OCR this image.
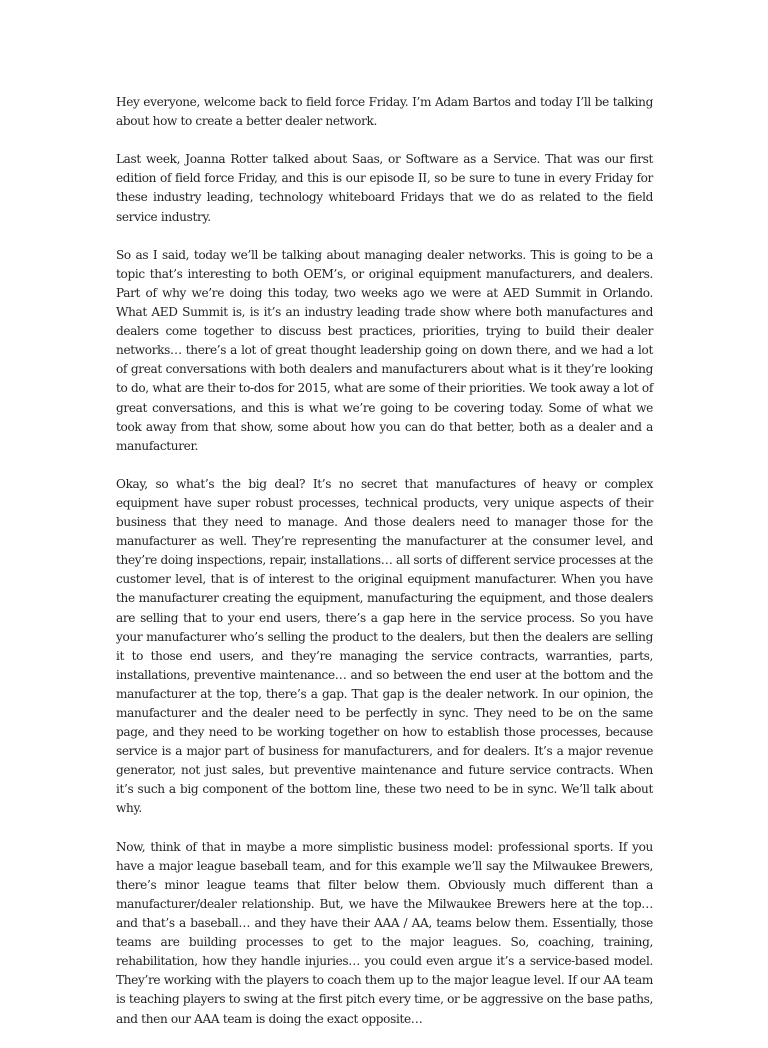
Hey everyone, welcome back to field force Friday. I’m Adam Bartos and today I’ll be talking about how to create a better dealer network.

Last week, Joanna Rotter talked about Saas, or Software as a Service. That was our first edition of field force Friday, and this is our episode II, so be sure to tune in every Friday for these industry leading, technology whiteboard Fridays that we do as related to the field service industry.

So as I said, today we’ll be talking about managing dealer networks. This is going to be a topic that’s interesting to both OEM’s, or original equipment manufacturers, and dealers. Part of why we’re doing this today, two weeks ago we were at AED Summit in Orlando. What AED Summit is, is it’s an industry leading trade show where both manufactures and dealers come together to discuss best practices, priorities, trying to build their dealer networks… there’s a lot of great thought leadership going on down there, and we had a lot of great conversations with both dealers and manufacturers about what is it they’re looking to do, what are their to-dos for 2015, what are some of their priorities. We took away a lot of great conversations, and this is what we’re going to be covering today. Some of what we took away from that show, some about how you can do that better, both as a dealer and a manufacturer.

Okay, so what’s the big deal? It’s no secret that manufactures of heavy or complex equipment have super robust processes, technical products, very unique aspects of their business that they need to manage. And those dealers need to manager those for the manufacturer as well. They’re representing the manufacturer at the consumer level, and they’re doing inspections, repair, installations… all sorts of different service processes at the customer level, that is of interest to the original equipment manufacturer. When you have the manufacturer creating the equipment, manufacturing the equipment, and those dealers are selling that to your end users, there’s a gap here in the service process. So you have your manufacturer who’s selling the product to the dealers, but then the dealers are selling it to those end users, and they’re managing the service contracts, warranties, parts, installations, preventive maintenance… and so between the end user at the bottom and the manufacturer at the top, there’s a gap. That gap is the dealer network. In our opinion, the manufacturer and the dealer need to be perfectly in sync. They need to be on the same page, and they need to be working together on how to establish those processes, because service is a major part of business for manufacturers, and for dealers. It’s a major revenue generator, not just sales, but preventive maintenance and future service contracts. When it’s such a big component of the bottom line, these two need to be in sync. We’ll talk about why.

Now, think of that in maybe a more simplistic business model: professional sports. If you have a major league baseball team, and for this example we’ll say the Milwaukee Brewers, there’s minor league teams that filter below them. Obviously much different than a manufacturer/dealer relationship. But, we have the Milwaukee Brewers here at the top… and that’s a baseball… and they have their AAA / AA, teams below them. Essentially, those teams are building processes to get to the major leagues. So, coaching, training, rehabilitation, how they handle injuries… you could even argue it’s a service-based model. They’re working with the players to coach them up to the major league level. If our AA team is teaching players to swing at the first pitch every time, or be aggressive on the base paths, and then our AAA team is doing the exact opposite…
